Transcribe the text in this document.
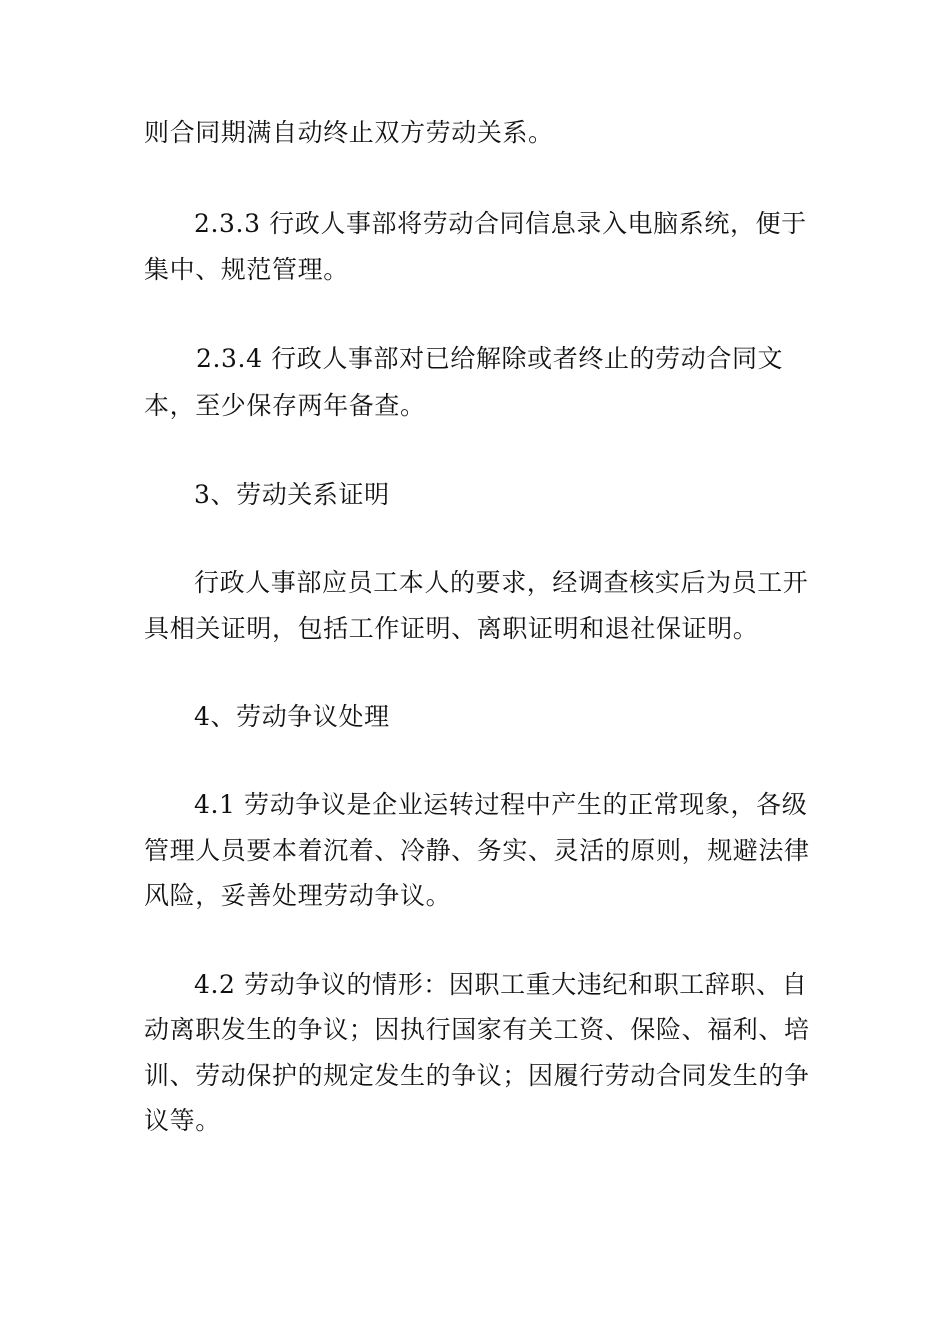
则合同期满自动终止双方劳动关系。

2.3.3 行政人事部将劳动合同信息录入电脑系统，便于

集中、规范管理。

2.3.4 行政人事部对已给解除或者终止的劳动合同文

本，至少保存两年备查。

3、劳动关系证明

行政人事部应员工本人的要求，经调查核实后为员工开

具相关证明，包括工作证明、离职证明和退社保证明。

4、劳动争议处理

4.1 劳动争议是企业运转过程中产生的正常现象，各级

管理人员要本着沉着、冷静、务实、灵活的原则，规避法律

风险，妥善处理劳动争议。

4.2 劳动争议的情形：因职工重大违纪和职工辞职、自

动离职发生的争议；因执行国家有关工资、保险、福利、培

训、劳动保护的规定发生的争议；因履行劳动合同发生的争

议等。
